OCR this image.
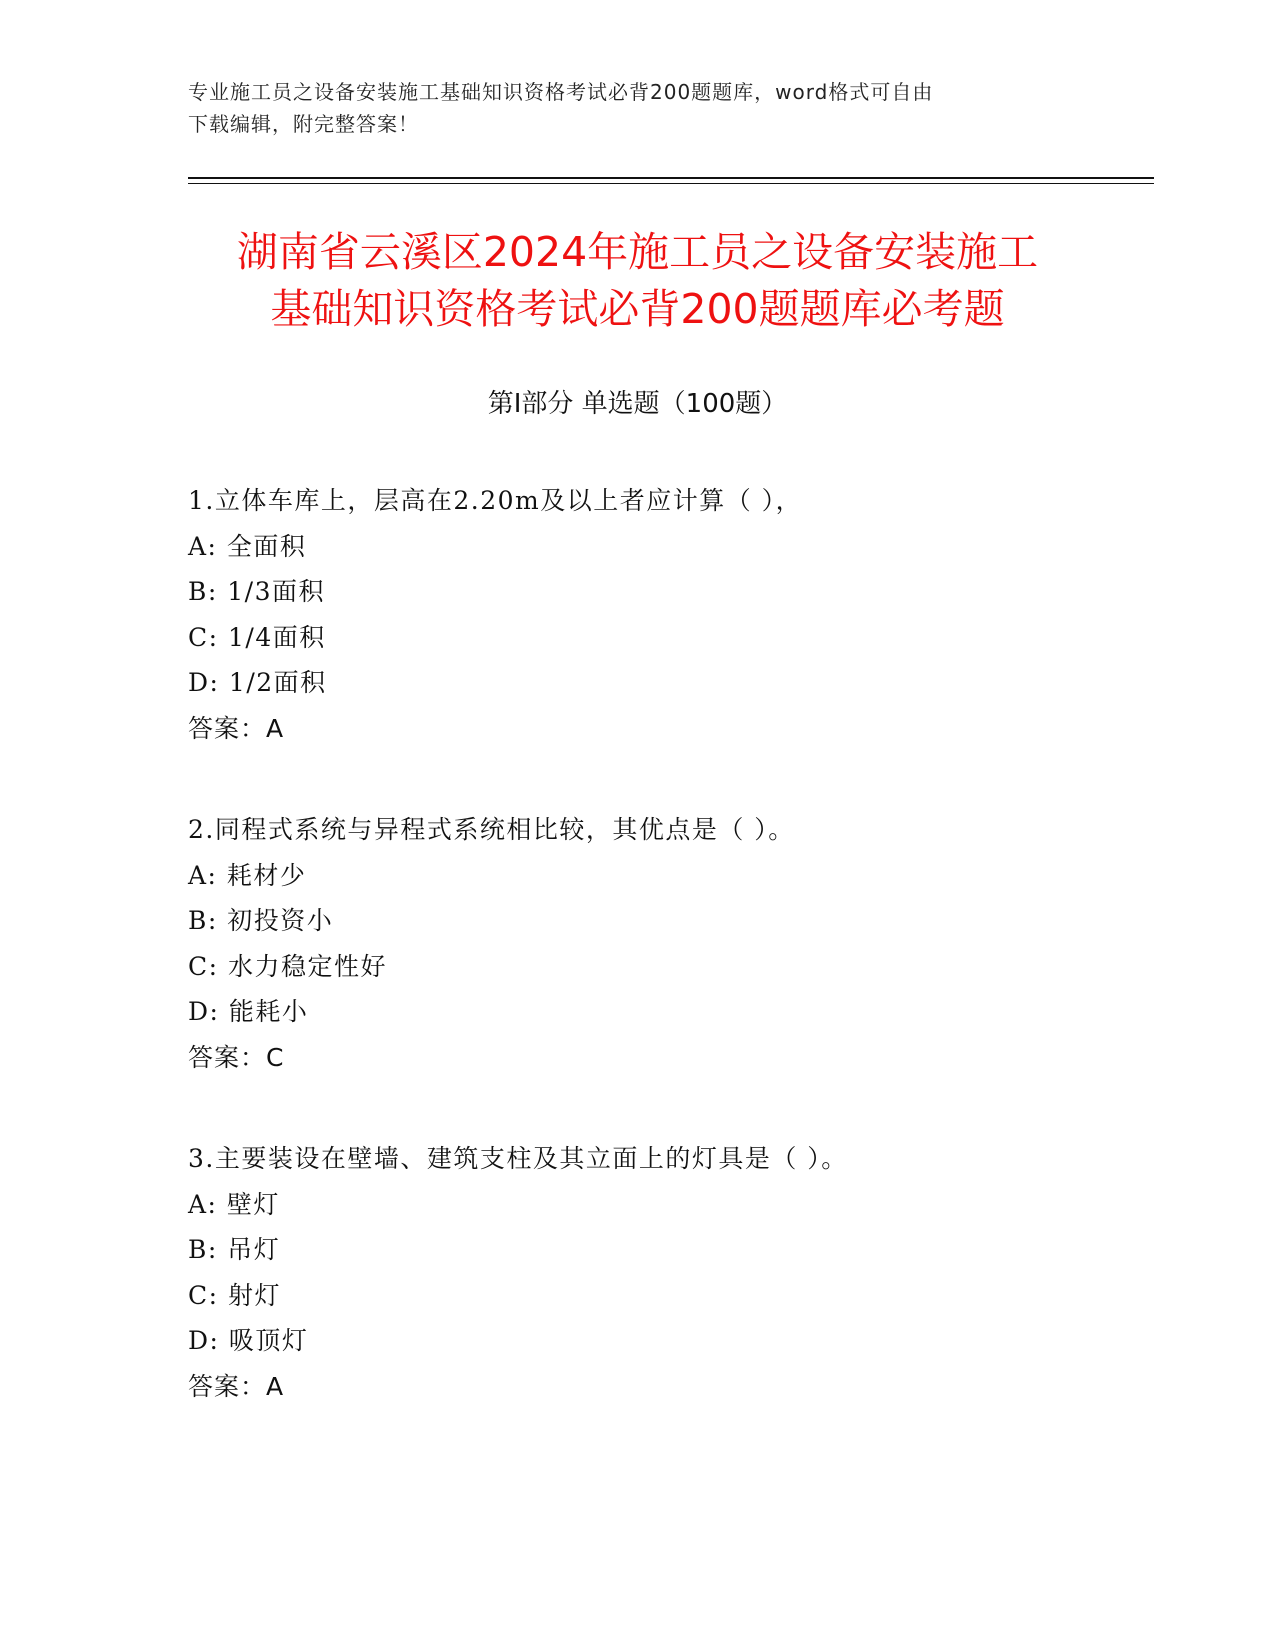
专业施工员之设备安装施工基础知识资格考试必背200题题库，word格式可自由
下载编辑，附完整答案！
湖南省云溪区2024年施工员之设备安装施工
基础知识资格考试必背200题题库必考题
第Ⅰ部分 单选题（100题）
1.立体车库上，层高在2.20m及以上者应计算（ ），
A: 全面积
B: 1/3面积
C: 1/4面积
D: 1/2面积
答案：A
2.同程式系统与异程式系统相比较，其优点是（ ）。
A: 耗材少
B: 初投资小
C: 水力稳定性好
D: 能耗小
答案：C
3.主要装设在壁墙、建筑支柱及其立面上的灯具是（ ）。
A: 壁灯
B: 吊灯
C: 射灯
D: 吸顶灯
答案：A
